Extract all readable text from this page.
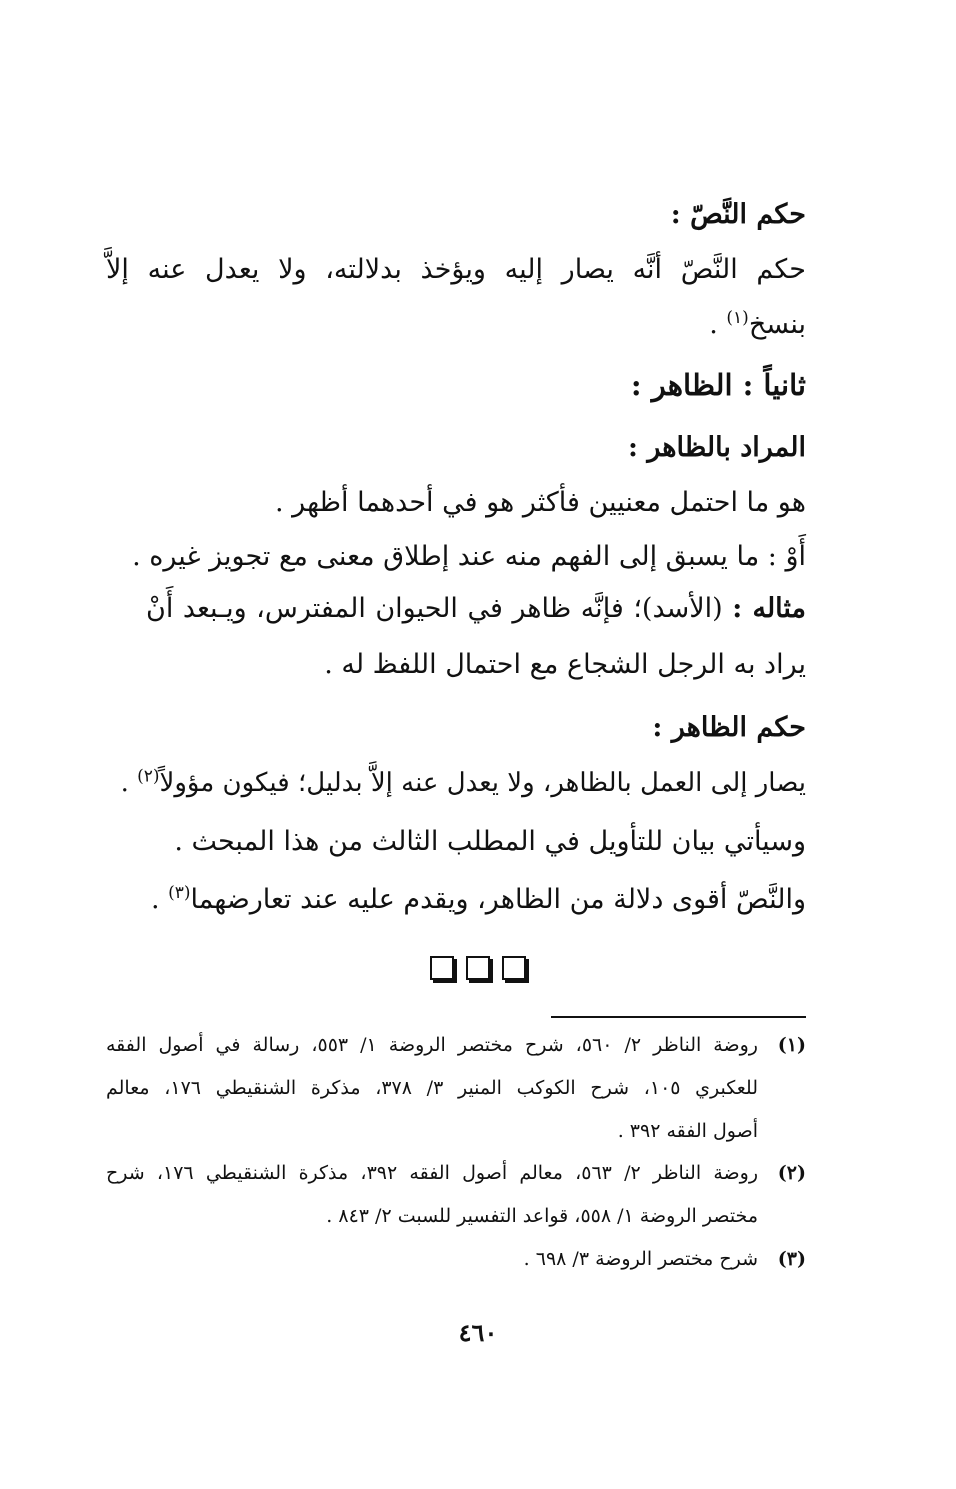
حكم النَّصّ :
حكم النَّصّ أنَّه يصار إليه ويؤخذ بدلالته، ولا يعدل عنه إلاَّ
بنسخ$^{(١)}$ .
ثانياً : الظاهر :
المراد بالظاهر :
هو ما احتمل معنيين فأكثر هو في أحدهما أظهر .
أَوْ : ما يسبق إلى الفهم منه عند إطلاق معنى مع تجويز غيره .
مثاله : (الأسد)؛ فإنَّه ظاهر في الحيوان المفترس، ويـبعد أَنْ
يراد به الرجل الشجاع مع احتمال اللفظ له .
حكم الظاهر :
يصار إلى العمل بالظاهر، ولا يعدل عنه إلاَّ بدليل؛ فيكون مؤولاً$^{(٢)}$ .
وسيأتي بيان للتأويل في المطلب الثالث من هذا المبحث .
والنَّصّ أقوى دلالة من الظاهر، ويقدم عليه عند تعارضهما$^{(٣)}$ .

(١)
روضة الناظر ٢/ ٥٦٠، شرح مختصر الروضة ١/ ٥٥٣، رسالة في أصول الفقه
للعكبري ١٠٥، شرح الكوكب المنير ٣/ ٣٧٨، مذكرة الشنقيطي ١٧٦، معالم
أصول الفقه ٣٩٢ .
(٢)
روضة الناظر ٢/ ٥٦٣، معالم أصول الفقه ٣٩٢، مذكرة الشنقيطي ١٧٦، شرح
مختصر الروضة ١/ ٥٥٨، قواعد التفسير للسبت ٢/ ٨٤٣ .
(٣)
شرح مختصر الروضة ٣/ ٦٩٨ .
٤٦٠
